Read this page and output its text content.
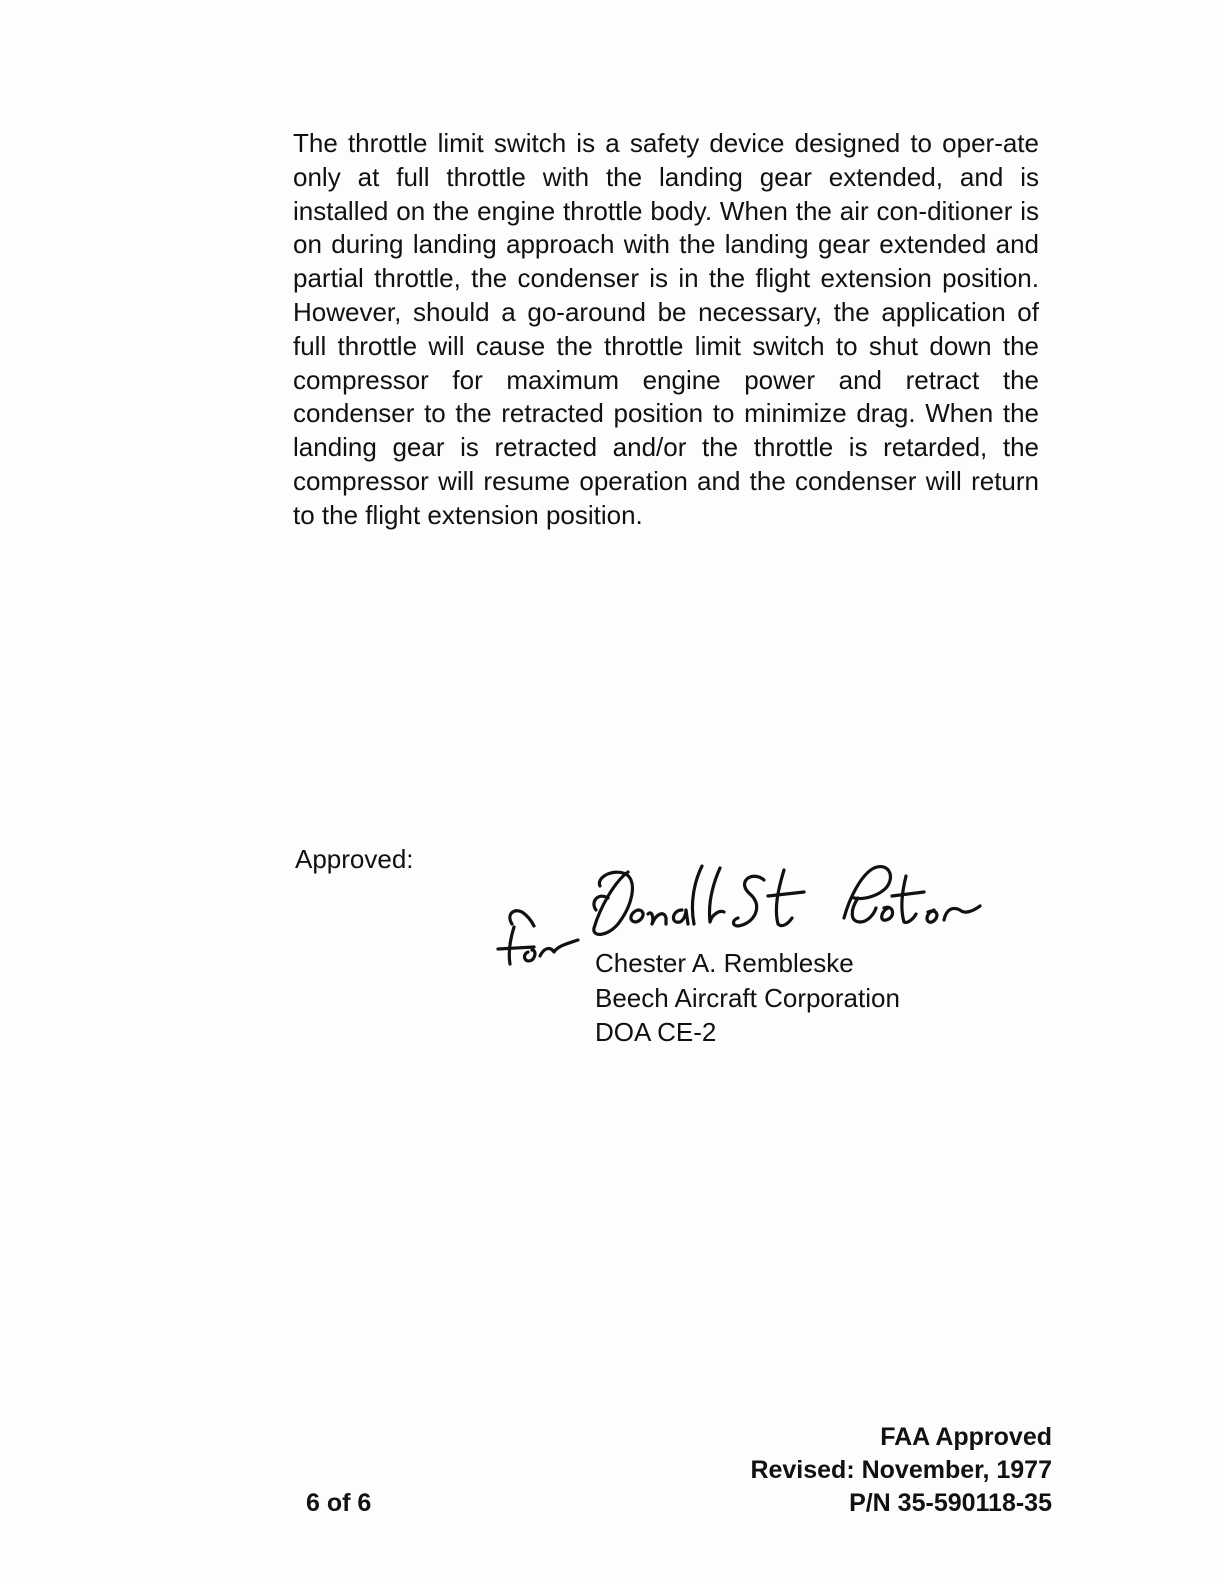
The throttle limit switch is a safety device designed to oper-ate only at full throttle with the landing gear extended, and is installed on the engine throttle body. When the air con-ditioner is on during landing approach with the landing gear extended and partial throttle, the condenser is in the flight extension position. However, should a go-around be necessary, the application of full throttle will cause the throttle limit switch to shut down the compressor for maximum engine power and retract the condenser to the retracted position to minimize drag. When the landing gear is retracted and/or the throttle is retarded, the compressor will resume operation and the condenser will return to the flight extension position.

Approved:

Chester A. Rembleske
Beech Aircraft Corporation
DOA CE-2
6 of 6
FAA Approved
Revised: November, 1977
P/N 35-590118-35
